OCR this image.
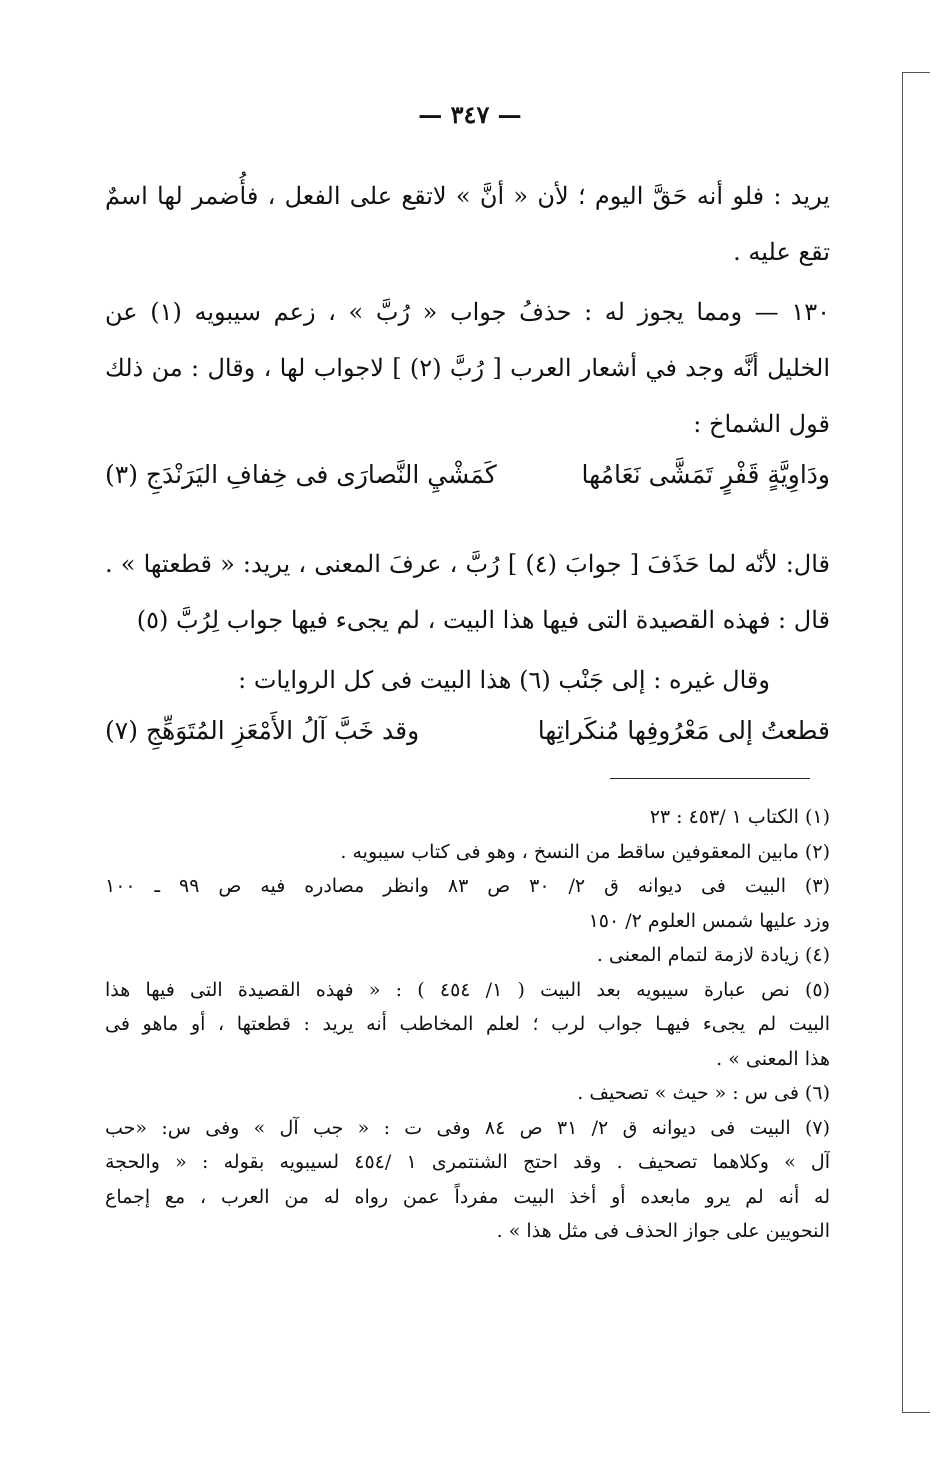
— ٣٤٧ —
يريد : فلو أنه حَقَّ اليوم ؛ لأن « أنَّ » لاتقع على الفعل ، فأُضمر لها اسمٌ
تقع عليه .
١٣٠ — ومما يجوز له : حذفُ جواب « رُبَّ » ، زعم سيبويه (١) عن
الخليل أنَّه وجد في أشعار العرب [ رُبَّ (٢) ] لاجواب لها ، وقال : من ذلك
قول الشماخ :
ودَاوِيَّةٍ قَفْرٍ تَمَشَّى نَعَامُها
كَمَشْيِ النَّصارَى فى خِفافِ اليَرَنْدَجِ (٣)
قال: لأنّه لما حَذَفَ [ جوابَ (٤) ] رُبَّ ، عرفَ المعنى ، يريد: « قطعتها » .
قال : فهذه القصيدة التى فيها هذا البيت ، لم يجىء فيها جواب لِرُبَّ (٥)
وقال غيره : إلى جَنْب (٦) هذا البيت فى كل الروايات :
قطعتُ إلى مَعْرُوفِها مُنكَراتِها
وقد خَبَّ آلُ الأَمْعَزِ المُتَوَهِّجِ (٧)
(١) الكتاب ١ /٤٥٣ : ٢٣
(٢) مابين المعقوفين ساقط من النسخ ، وهو فى كتاب سيبويه .
(٣) البيت فى ديوانه ق ٢/ ٣٠ ص ٨٣ وانظر مصادره فيه ص ٩٩ ـ ١٠٠
وزد عليها شمس العلوم ٢/ ١٥٠
(٤) زيادة لازمة لتمام المعنى .
(٥) نص عبارة سيبويه بعد البيت ( ١/ ٤٥٤ ) : « فهذه القصيدة التى فيها هذا
البيت لم يجىء فيهـا جواب لرب ؛ لعلم المخاطب أنه يريد : قطعتها ، أو ماهو فى
هذا المعنى » .
(٦) فى س : « حيث » تصحيف .
(٧) البيت فى ديوانه ق ٢/ ٣١ ص ٨٤ وفى ت : « جب آل » وفى س: «حب
آل » وكلاهما تصحيف . وقد احتج الشنتمرى ١ /٤٥٤ لسيبويه بقوله : « والحجة
له أنه لم يرو مابعده أو أخذ البيت مفرداً عمن رواه له من العرب ، مع إجماع
النحويين على جواز الحذف فى مثل هذا » .
